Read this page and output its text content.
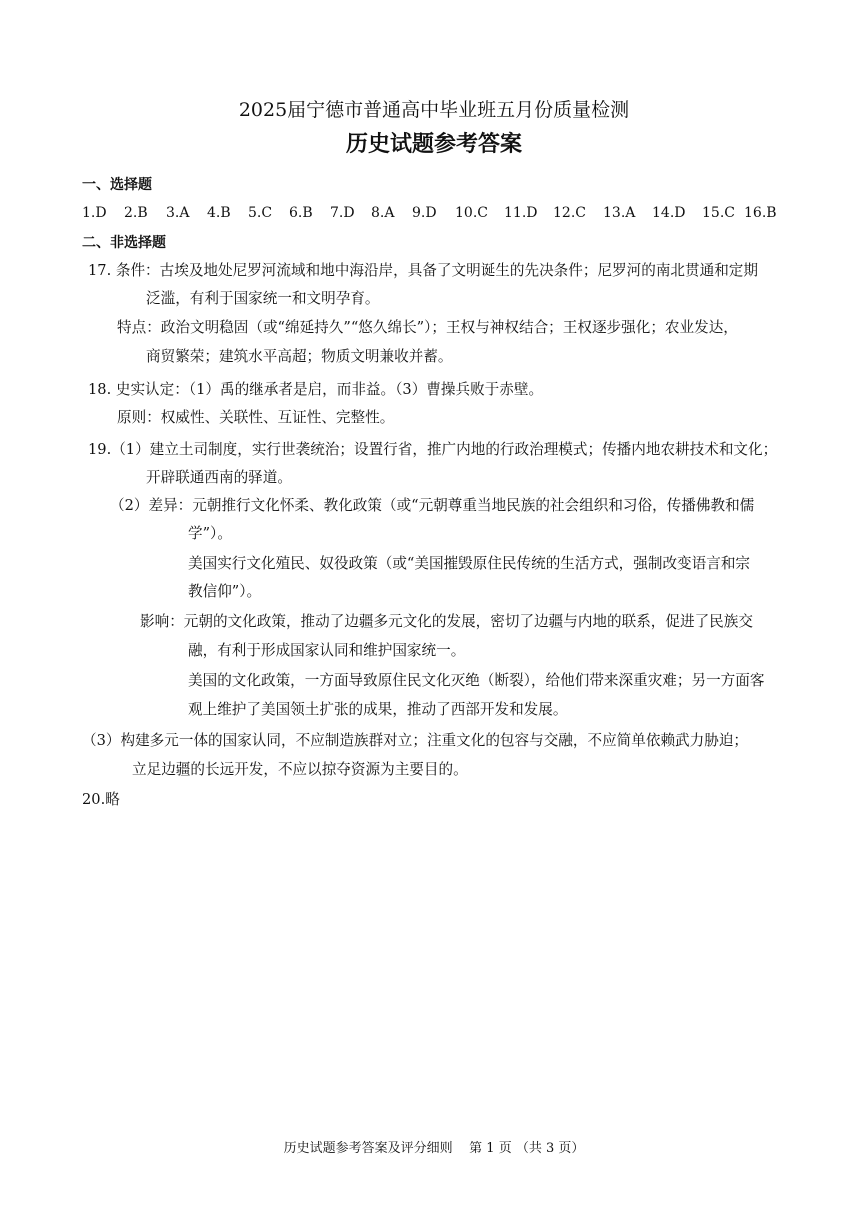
2025届宁德市普通高中毕业班五月份质量检测
历史试题参考答案
一、选择题
1.D 2.B 3.A 4.B 5.C 6.B 7.D 8.A 9.D 10.C 11.D 12.C 13.A 14.D 15.C 16.B
二、非选择题
17. 条件：古埃及地处尼罗河流域和地中海沿岸，具备了文明诞生的先决条件；尼罗河的南北贯通和定期
泛滥，有利于国家统一和文明孕育。
特点：政治文明稳固（或“绵延持久”“悠久绵长”）；王权与神权结合；王权逐步强化；农业发达，
商贸繁荣；建筑水平高超；物质文明兼收并蓄。
18. 史实认定：（1）禹的继承者是启，而非益。（3）曹操兵败于赤壁。
原则：权威性、关联性、互证性、完整性。
19.（1）建立土司制度，实行世袭统治；设置行省，推广内地的行政治理模式；传播内地农耕技术和文化；
开辟联通西南的驿道。
（2）差异：元朝推行文化怀柔、教化政策（或“元朝尊重当地民族的社会组织和习俗，传播佛教和儒
学”）。
美国实行文化殖民、奴役政策（或“美国摧毁原住民传统的生活方式，强制改变语言和宗
教信仰”）。
影响：元朝的文化政策，推动了边疆多元文化的发展，密切了边疆与内地的联系，促进了民族交
融，有利于形成国家认同和维护国家统一。
美国的文化政策，一方面导致原住民文化灭绝（断裂），给他们带来深重灾难；另一方面客
观上维护了美国领土扩张的成果，推动了西部开发和发展。
（3）构建多元一体的国家认同，不应制造族群对立；注重文化的包容与交融，不应简单依赖武力胁迫；
立足边疆的长远开发，不应以掠夺资源为主要目的。
20.略
历史试题参考答案及评分细则    第 1 页 （共 3 页）
